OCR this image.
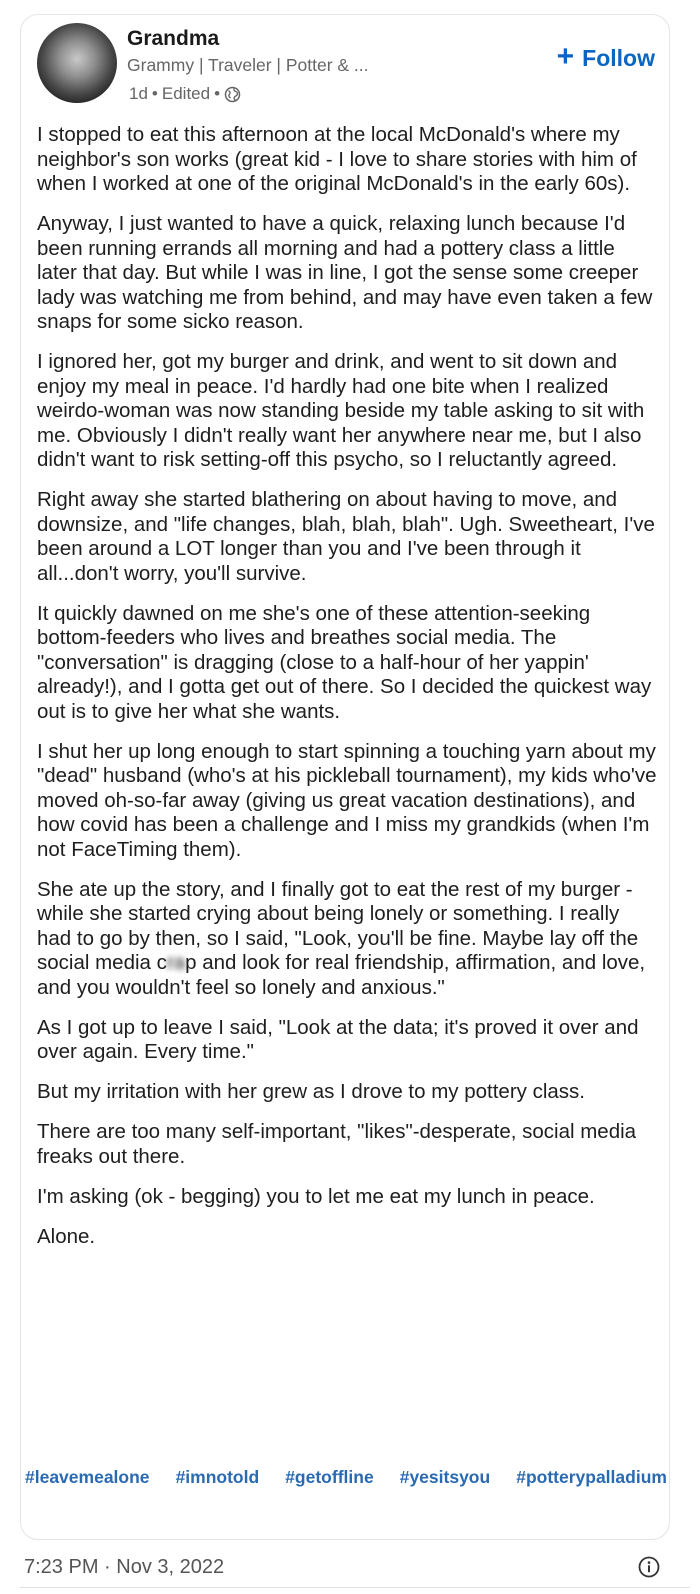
Grandma
Grammy | Traveler | Potter & ...
1d • Edited •
+ Follow

I stopped to eat this afternoon at the local McDonald's where my neighbor's son works (great kid - I love to share stories with him of when I worked at one of the original McDonald's in the early 60s).

Anyway, I just wanted to have a quick, relaxing lunch because I'd been running errands all morning and had a pottery class a little later that day. But while I was in line, I got the sense some creeper lady was watching me from behind, and may have even taken a few snaps for some sicko reason.

I ignored her, got my burger and drink, and went to sit down and enjoy my meal in peace. I'd hardly had one bite when I realized weirdo-woman was now standing beside my table asking to sit with me. Obviously I didn't really want her anywhere near me, but I also didn't want to risk setting-off this psycho, so I reluctantly agreed.

Right away she started blathering on about having to move, and downsize, and "life changes, blah, blah, blah". Ugh. Sweetheart, I've been around a LOT longer than you and I've been through it all...don't worry, you'll survive.

It quickly dawned on me she's one of these attention-seeking bottom-feeders who lives and breathes social media. The "conversation" is dragging (close to a half-hour of her yappin' already!), and I gotta get out of there. So I decided the quickest way out is to give her what she wants.

I shut her up long enough to start spinning a touching yarn about my "dead" husband (who's at his pickleball tournament), my kids who've moved oh-so-far away (giving us great vacation destinations), and how covid has been a challenge and I miss my grandkids (when I'm not FaceTiming them).

She ate up the story, and I finally got to eat the rest of my burger - while she started crying about being lonely or something. I really had to go by then, so I said, "Look, you'll be fine. Maybe lay off the social media crap and look for real friendship, affirmation, and love, and you wouldn't feel so lonely and anxious."

As I got up to leave I said, "Look at the data; it's proved it over and over again. Every time."

But my irritation with her grew as I drove to my pottery class.

There are too many self-important, "likes"-desperate, social media freaks out there.

I'm asking (ok - begging) you to let me eat my lunch in peace.

Alone.

#leavemealone #imnotold #getoffline #yesitsyou #potterypalladium
7:23 PM · Nov 3, 2022
